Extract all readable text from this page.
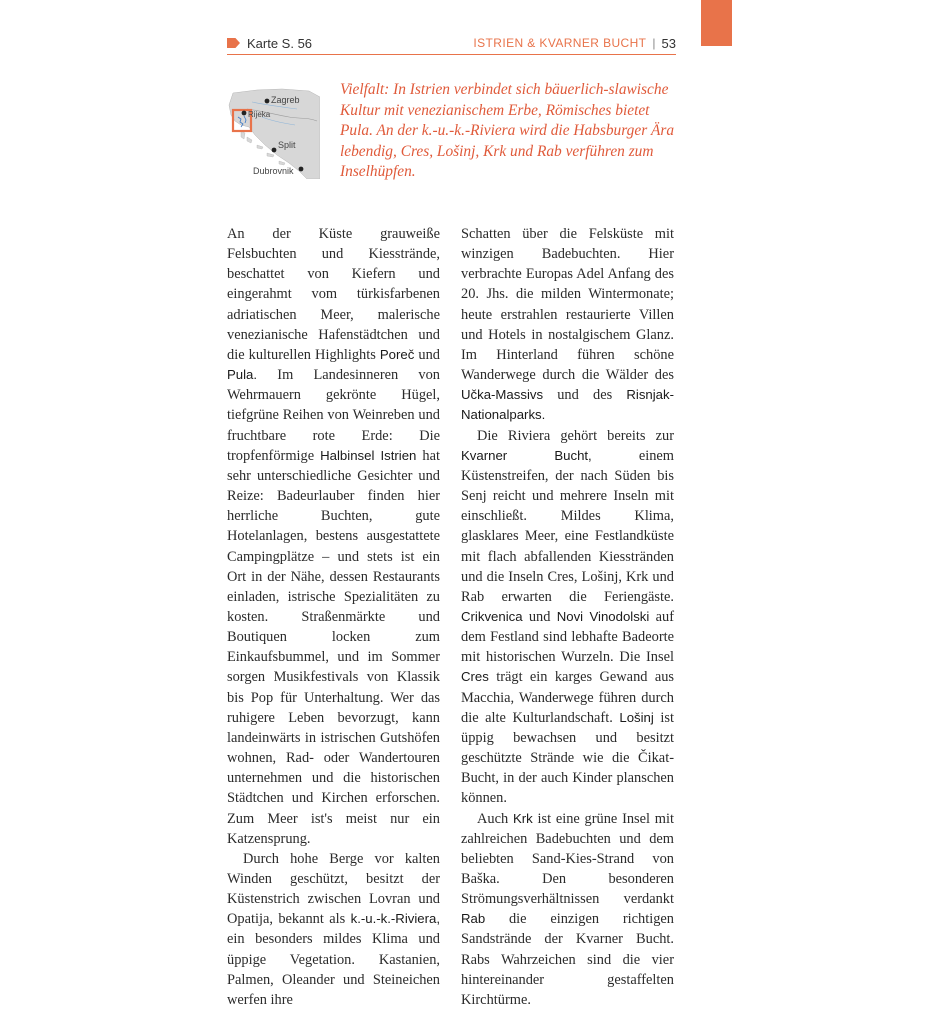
Karte S. 56	ISTRIEN & KVARNER BUCHT | 53
Zagreb
Rijeka
Split
Dubrovnik
Vielfalt: In Istrien verbindet sich bäuerlich-slawische Kultur mit venezianischem Erbe, Römisches bietet Pula. An der k.-u.-k.-Riviera wird die Habsburger Ära lebendig, Cres, Lošinj, Krk und Rab verführen zum Inselhüpfen.

An der Küste grauweiße Felsbuchten und Kiesstrände, beschattet von Kiefern und eingerahmt vom türkisfarbenen adriatischen Meer, malerische venezianische Hafenstädtchen und die kulturellen Highlights Poreč und Pula. Im Landesinneren von Wehrmauern gekrönte Hügel, tiefgrüne Reihen von Weinreben und fruchtbare rote Erde: Die tropfenförmige Halbinsel Istrien hat sehr unterschiedliche Gesichter und Reize: Badeurlauber finden hier herrliche Buchten, gute Hotelanlagen, bestens ausgestattete Campingplätze – und stets ist ein Ort in der Nähe, dessen Restaurants einladen, istrische Spezialitäten zu kosten. Straßenmärkte und Boutiquen locken zum Einkaufsbummel, und im Sommer sorgen Musikfestivals von Klassik bis Pop für Unterhaltung. Wer das ruhigere Leben bevorzugt, kann landeinwärts in istrischen Gutshöfen wohnen, Rad- oder Wandertouren unternehmen und die historischen Städtchen und Kirchen erforschen. Zum Meer ist's meist nur ein Katzensprung.

Durch hohe Berge vor kalten Winden geschützt, besitzt der Küstenstrich zwischen Lovran und Opatija, bekannt als k.-u.-k.-Riviera, ein besonders mildes Klima und üppige Vegetation. Kastanien, Palmen, Oleander und Steineichen werfen ihre

Schatten über die Felsküste mit winzigen Badebuchten. Hier verbrachte Europas Adel Anfang des 20. Jhs. die milden Wintermonate; heute erstrahlen restaurierte Villen und Hotels in nostalgischem Glanz. Im Hinterland führen schöne Wanderwege durch die Wälder des Učka-Massivs und des Risnjak-Nationalparks.

Die Riviera gehört bereits zur Kvarner Bucht, einem Küstenstreifen, der nach Süden bis Senj reicht und mehrere Inseln mit einschließt. Mildes Klima, glasklares Meer, eine Festlandküste mit flach abfallenden Kiesstränden und die Inseln Cres, Lošinj, Krk und Rab erwarten die Feriengäste. Crikvenica und Novi Vinodolski auf dem Festland sind lebhafte Badeorte mit historischen Wurzeln. Die Insel Cres trägt ein karges Gewand aus Macchia, Wanderwege führen durch die alte Kulturlandschaft. Lošinj ist üppig bewachsen und besitzt geschützte Strände wie die Čikat-Bucht, in der auch Kinder planschen können.

Auch Krk ist eine grüne Insel mit zahlreichen Badebuchten und dem beliebten Sand-Kies-Strand von Baška. Den besonderen Strömungsverhältnissen verdankt Rab die einzigen richtigen Sandstrände der Kvarner Bucht. Rabs Wahrzeichen sind die vier hintereinander gestaffelten Kirchtürme.
